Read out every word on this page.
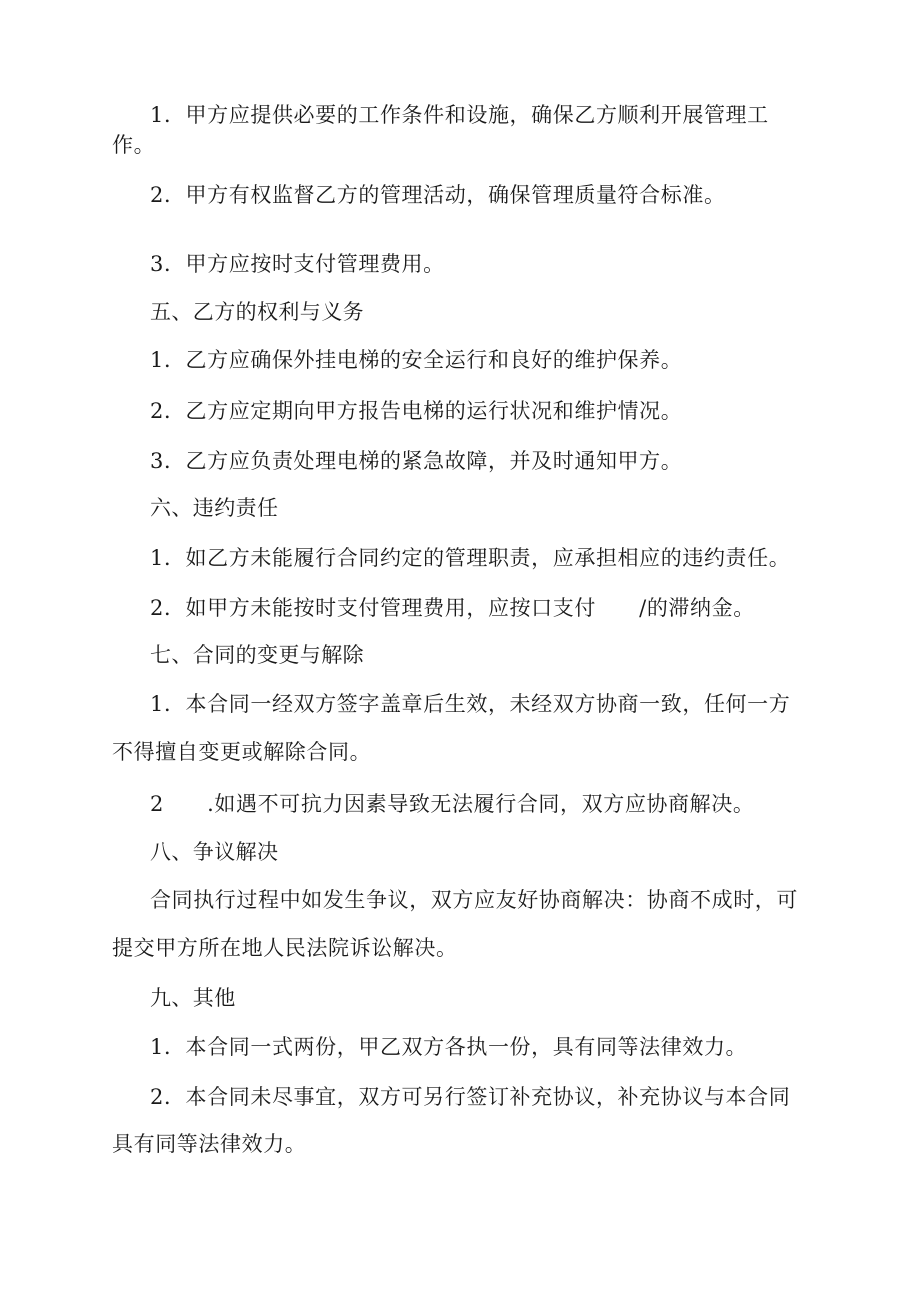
1．甲方应提供必要的工作条件和设施，确保乙方顺利开展管理工
作。
2．甲方有权监督乙方的管理活动，确保管理质量符合标准。
3．甲方应按时支付管理费用。
五、乙方的权利与义务
1．乙方应确保外挂电梯的安全运行和良好的维护保养。
2．乙方应定期向甲方报告电梯的运行状况和维护情况。
3．乙方应负责处理电梯的紧急故障，并及时通知甲方。
六、违约责任
1．如乙方未能履行合同约定的管理职责，应承担相应的违约责任。
2．如甲方未能按时支付管理费用，应按口支付　　/的滞纳金。
七、合同的变更与解除
1．本合同一经双方签字盖章后生效，未经双方协商一致，任何一方
不得擅自变更或解除合同。
2　　.如遇不可抗力因素导致无法履行合同，双方应协商解决。
八、争议解决
合同执行过程中如发生争议，双方应友好协商解决：协商不成时，可
提交甲方所在地人民法院诉讼解决。
九、其他
1．本合同一式两份，甲乙双方各执一份，具有同等法律效力。
2．本合同未尽事宜，双方可另行签订补充协议，补充协议与本合同
具有同等法律效力。
